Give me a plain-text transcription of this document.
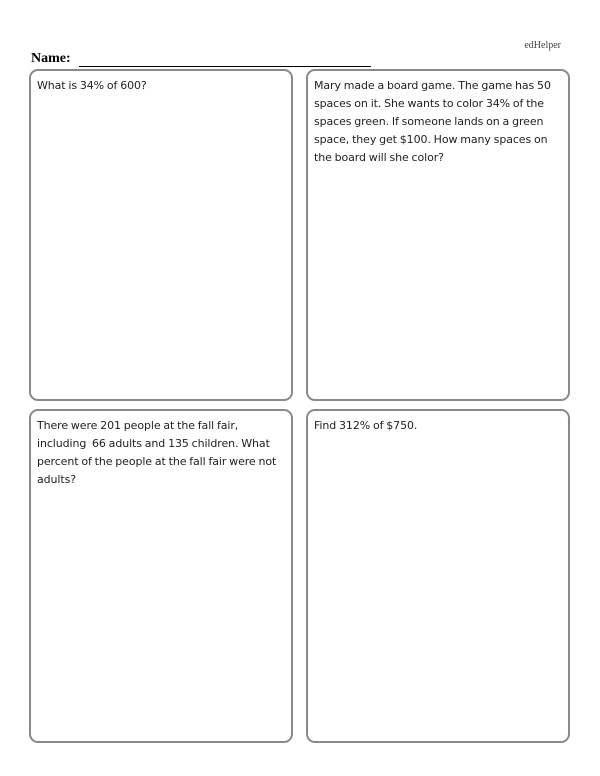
edHelper
Name:
What is 34% of 600?	Mary made a board game. The game has 50 spaces on it. She wants to color 34% of the spaces green. If someone lands on a green space, they get $100. How many spaces on the board will she color?
There were 201 people at the fall fair, including  66 adults and 135 children. What percent of the people at the fall fair were not adults?
Find 312% of $750.
